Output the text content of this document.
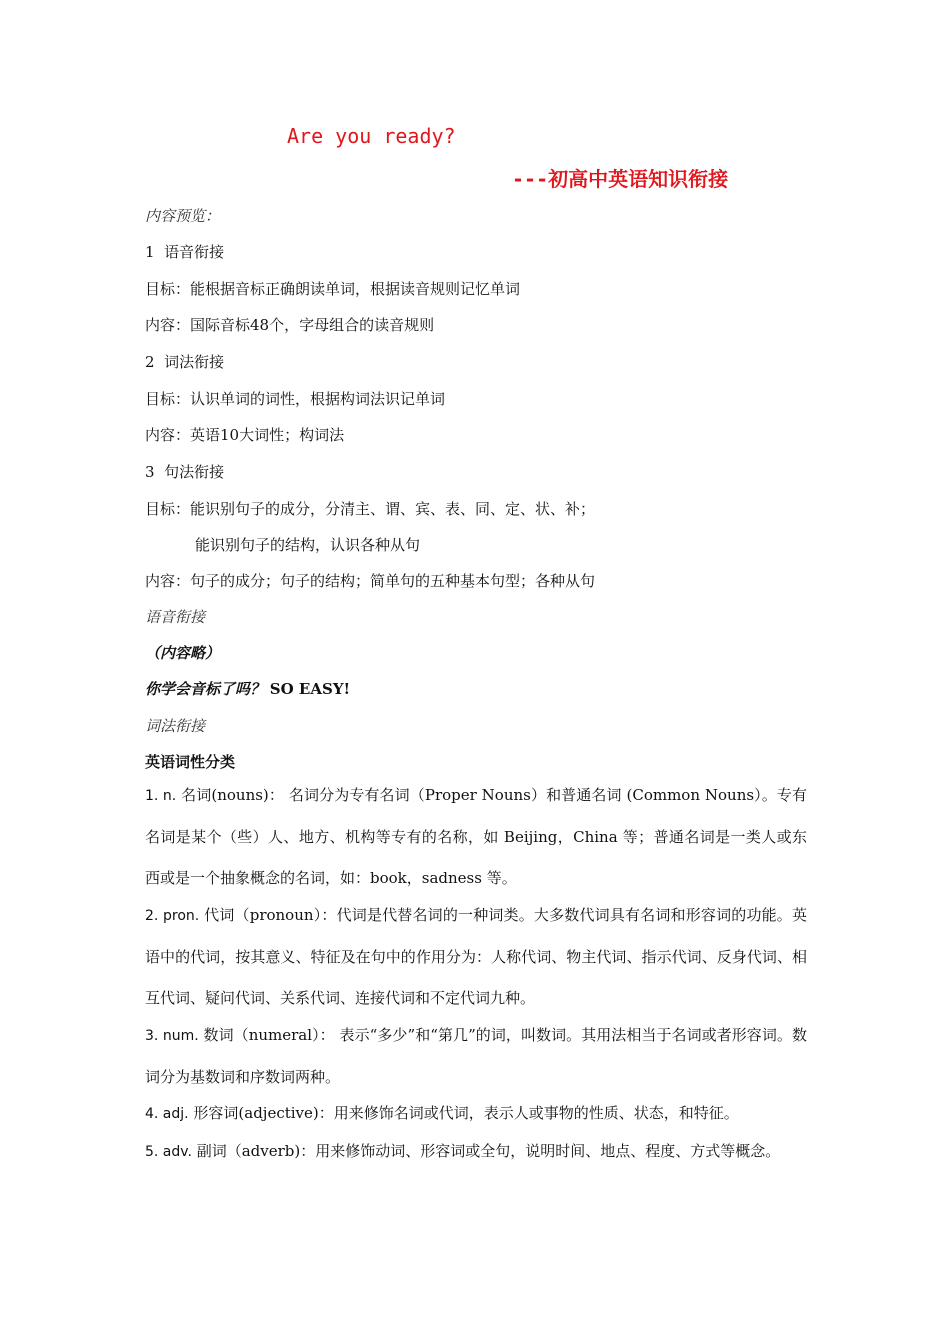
Are you ready?
---初高中英语知识衔接
内容预览：
1 语音衔接
目标：能根据音标正确朗读单词，根据读音规则记忆单词
内容：国际音标48个，字母组合的读音规则
2 词法衔接
目标：认识单词的词性，根据构词法识记单词
内容：英语10大词性；构词法
3 句法衔接
目标：能识别句子的成分，分清主、谓、宾、表、同、定、状、补；
能识别句子的结构，认识各种从句
内容：句子的成分；句子的结构；简单句的五种基本句型；各种从句
语音衔接
（内容略）
你学会音标了吗？ SO EASY!
词法衔接
英语词性分类
1. n. 名词(nouns)： 名词分为专有名词（Proper Nouns）和普通名词 (Common Nouns）。专有名词是某个（些）人、地方、机构等专有的名称，如 Beijing，China 等；普通名词是一类人或东西或是一个抽象概念的名词，如：book，sadness 等。
2. pron. 代词（pronoun）：代词是代替名词的一种词类。大多数代词具有名词和形容词的功能。英语中的代词，按其意义、特征及在句中的作用分为：人称代词、物主代词、指示代词、反身代词、相互代词、疑问代词、关系代词、连接代词和不定代词九种。
3. num. 数词（numeral）： 表示“多少”和“第几”的词，叫数词。其用法相当于名词或者形容词。数词分为基数词和序数词两种。
4. adj. 形容词(adjective)：用来修饰名词或代词，表示人或事物的性质、状态，和特征。
5. adv. 副词（adverb)：用来修饰动词、形容词或全句，说明时间、地点、程度、方式等概念。
